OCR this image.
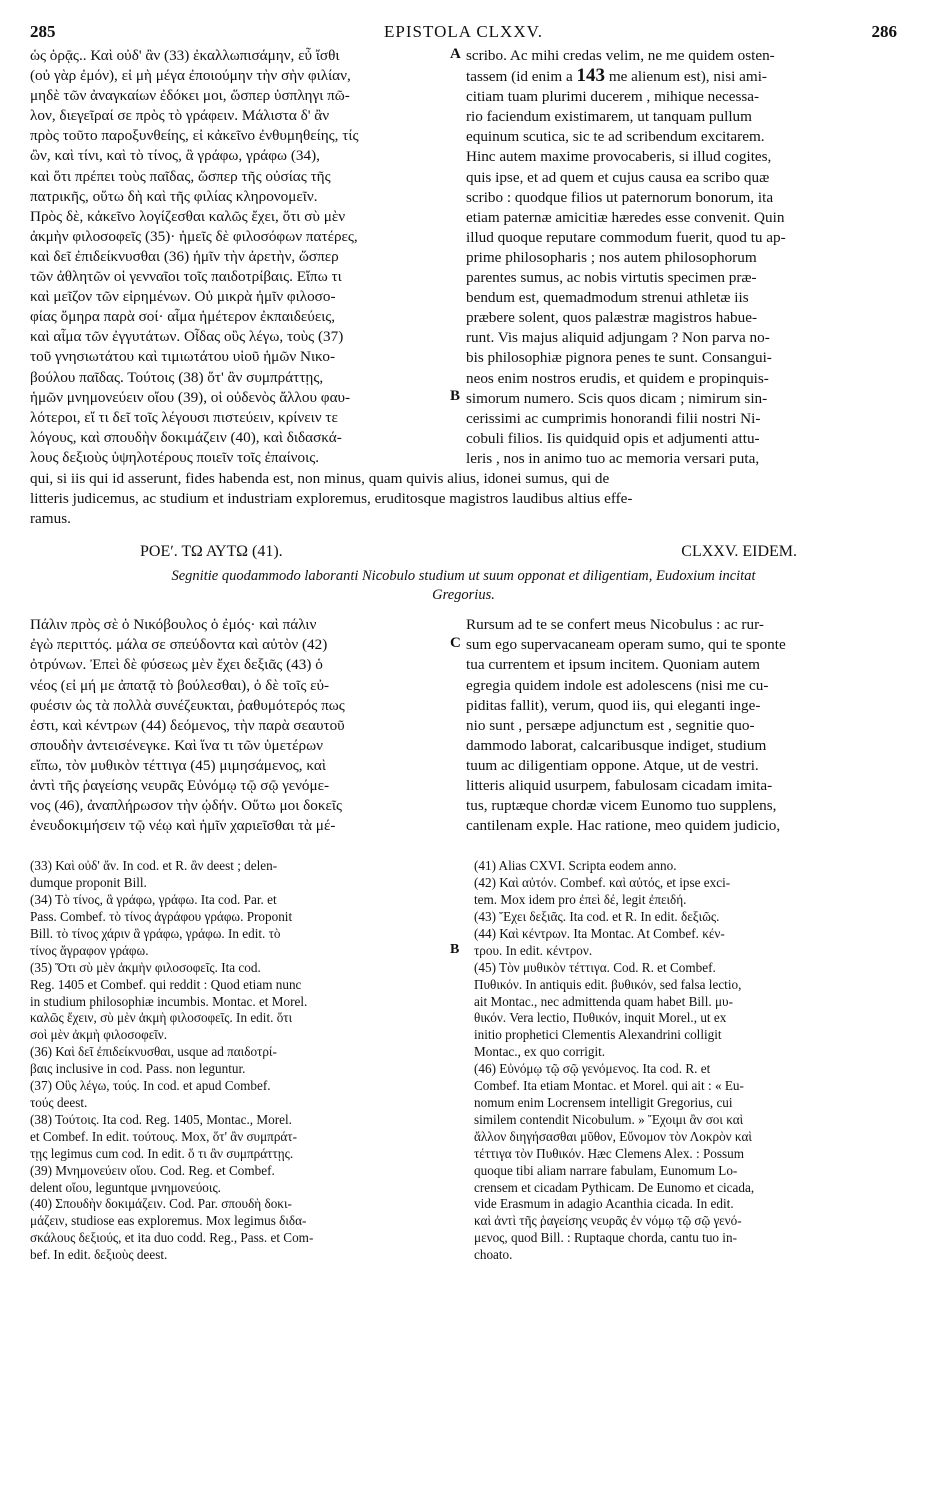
285	EPISTOLA CLXXV.	286
ὡς ὁρᾷς.. Καὶ οὐδ' ἂν (33) ἐκαλλωπισάμην, εὖ ἴσθι
(οὐ γὰρ ἐμόν), εἰ μὴ μέγα ἐποιούμην τὴν σὴν φιλίαν,
μηδὲ τῶν ἀναγκαίων ἐδόκει μοι, ὥσπερ ὑσπληγι πῶ-
λον, διεγεῖραί σε πρὸς τὸ γράφειν. Μάλιστα δ' ἂν
πρὸς τοῦτο παροξυνθείης, εἰ κἀκεῖνο ἐνθυμηθείης, τίς
ὢν, καὶ τίνι, καὶ τὸ τίνος, ἃ γράφω, γράφω (34),
καὶ ὅτι πρέπει τοὺς παῖδας, ὥσπερ τῆς οὐσίας τῆς
πατρικῆς, οὕτω δὴ καὶ τῆς φιλίας κληρονομεῖν.
Πρὸς δὲ, κἀκεῖνο λογίζεσθαι καλῶς ἔχει, ὅτι σὺ μὲν
ἀκμὴν φιλοσοφεῖς (35)· ἡμεῖς δὲ φιλοσόφων πατέρες,
καὶ δεῖ ἐπιδείκνυσθαι (36) ἡμῖν τὴν ἀρετὴν, ὥσπερ
τῶν ἀθλητῶν οἱ γενναῖοι τοῖς παιδοτρίβαις. Εἴπω τι
καὶ μεῖζον τῶν εἰρημένων. Οὐ μικρὰ ἡμῖν φιλοσο-
φίας ὅμηρα παρὰ σοί· αἷμα ἡμέτερον ἐκπαιδεύεις,
καὶ αἷμα τῶν ἐγγυτάτων. Οἶδας οὓς λέγω, τοὺς (37)
τοῦ γνησιωτάτου καὶ τιμιωτάτου υἱοῦ ἡμῶν Νικο-
βούλου παῖδας. Τούτοις (38) ὅτ' ἂν συμπράττῃς,
ἡμῶν μνημονεύειν οἴου (39), οἱ οὐδενὸς ἄλλου φαυ-
λότεροι, εἴ τι δεῖ τοῖς λέγουσι πιστεύειν, κρίνειν τε
λόγους, καὶ σπουδὴν δοκιμάζειν (40), καὶ διδασκά-
λους δεξιοὺς ὑψηλοτέρους ποιεῖν τοῖς ἐπαίνοις.
A
B
scribo. Ac mihi credas velim, ne me quidem osten-
tassem (id enim a 143 me alienum est), nisi ami-
citiam tuam plurimi ducerem , mihique necessa-
rio faciendum existimarem, ut tanquam pullum
equinum scutica, sic te ad scribendum excitarem.
Hinc autem maxime provocaberis, si illud cogites,
quis ipse, et ad quem et cujus causa ea scribo quæ
scribo : quodque filios ut paternorum bonorum, ita
etiam paternæ amicitiæ hæredes esse convenit. Quin
illud quoque reputare commodum fuerit, quod tu ap-
prime philosopharis ; nos autem philosophorum
parentes sumus, ac nobis virtutis specimen præ-
bendum est, quemadmodum strenui athletæ iis
præbere solent, quos palæstræ magistros habue-
runt. Vis majus aliquid adjungam ? Non parva no-
bis philosophiæ pignora penes te sunt. Consangui-
neos enim nostros erudis, et quidem e propinquis-
simorum numero. Scis quos dicam ; nimirum sin-
cerissimi ac cumprimis honorandi filii nostri Ni-
cobuli filios. Iis quidquid opis et adjumenti attu-
leris , nos in animo tuo ac memoria versari puta,
qui, si iis qui id asserunt, fides habenda est, non minus, quam quivis alius, idonei sumus, qui de
litteris judicemus, ac studium et industriam exploremus, eruditosque magistros laudibus altius effe-
ramus.
ΡΟΕʹ. ΤΩ ΑΥΤΩ (41).	CLXXV. EIDEM.
Segnitie quodammodo laboranti Nicobulo studium ut suum opponat et diligentiam, Eudoxium incitat
Gregorius.
Πάλιν πρὸς σὲ ὁ Νικόβουλος ὁ ἐμός· καὶ πάλιν
ἐγὼ περιττός. μάλα σε σπεύδοντα καὶ αὐτὸν (42)
ὀτρύνων. Ἐπεὶ δὲ φύσεως μὲν ἔχει δεξιᾶς (43) ὁ
νέος (εἰ μή με ἀπατᾷ τὸ βούλεσθαι), ὁ δὲ τοῖς εὐ-
φυέσιν ὡς τὰ πολλὰ συνέζευκται, ῥαθυμότερός πως
ἐστι, καὶ κέντρων (44) δεόμενος, τὴν παρὰ σεαυτοῦ
σπουδὴν ἀντεισένεγκε. Καὶ ἵνα τι τῶν ὑμετέρων
εἴπω, τὸν μυθικὸν τέττιγα (45) μιμησάμενος, καὶ
ἀντὶ τῆς ῥαγείσης νευρᾶς Εὐνόμῳ τῷ σῷ γενόμε-
νος (46), ἀναπλήρωσον τὴν ᾠδήν. Οὕτω μοι δοκεῖς
ἐνευδοκιμήσειν τῷ νέῳ καὶ ἡμῖν χαριεῖσθαι τὰ μέ-
C
Rursum ad te se confert meus Nicobulus : ac rur-
sum ego supervacaneam operam sumo, qui te sponte
tua currentem et ipsum incitem. Quoniam autem
egregia quidem indole est adolescens (nisi me cu-
piditas fallit), verum, quod iis, qui eleganti inge-
nio sunt , persæpe adjunctum est , segnitie quo-
dammodo laborat, calcaribusque indiget, studium
tuum ac diligentiam oppone. Atque, ut de vestri.
litteris aliquid usurpem, fabulosam cicadam imita-
tus, ruptæque chordæ vicem Eunomo tuo supplens,
cantilenam exple. Hac ratione, meo quidem judicio,
(33) Καὶ οὐδ' ἄν. In cod. et R. ἂν deest ; delen-
dumque proponit Bill.
(34) Τὸ τίνος, ἃ γράφω, γράφω. Ita cod. Par. et
Pass. Combef. τὸ τίνος ἀγράφου γράφω. Proponit
Bill. τὸ τίνος χάριν ἃ γράφω, γράφω. In edit. τὸ
τίνος ἄγραφον γράφω.
(35) Ὅτι σὺ μὲν ἀκμὴν φιλοσοφεῖς. Ita cod.
Reg. 1405 et Combef. qui reddit : Quod etiam nunc
in studium philosophiæ incumbis. Montac. et Morel.
καλῶς ἔχειν, σὺ μὲν ἀκμὴ φιλοσοφεῖς. In edit. ὅτι
σοὶ μὲν ἀκμὴ φιλοσοφεῖν.
(36) Καὶ δεῖ ἐπιδείκνυσθαι, usque ad παιδοτρί-
βαις inclusive in cod. Pass. non leguntur.
(37) Οὓς λέγω, τούς. In cod. et apud Combef.
τούς deest.
(38) Τούτοις. Ita cod. Reg. 1405, Montac., Morel.
et Combef. In edit. τούτους. Mox, ὅτ' ἂν συμπράτ-
τῃς legimus cum cod. In edit. ὅ τι ἂν συμπράττῃς.
(39) Μνημονεύειν οἴου. Cod. Reg. et Combef.
delent οἴου, leguntque μνημονεύοις.
(40) Σπουδὴν δοκιμάζειν. Cod. Par. σπουδὴ δοκι-
μάζειν, studiose eas exploremus. Mox legimus διδα-
σκάλους δεξιούς, et ita duo codd. Reg., Pass. et Com-
bef. In edit. δεξιοὺς deest.
B
(41) Alias CXVI. Scripta eodem anno.
(42) Καὶ αὐτόν. Combef. καὶ αὐτός, et ipse exci-
tem. Mox idem pro ἐπεὶ δέ, legit ἐπειδή.
(43) Ἔχει δεξιᾶς. Ita cod. et R. In edit. δεξιῶς.
(44) Καὶ κέντρων. Ita Montac. At Combef. κέν-
τρου. In edit. κέντρον.
(45) Τὸν μυθικὸν τέττιγα. Cod. R. et Combef.
Πυθικόν. In antiquis edit. βυθικόν, sed falsa lectio,
ait Montac., nec admittenda quam habet Bill. μυ-
θικόν. Vera lectio, Πυθικόν, inquit Morel., ut ex
initio prophetici Clementis Alexandrini colligit
Montac., ex quo corrigit.
(46) Εὐνόμῳ τῷ σῷ γενόμενος. Ita cod. R. et
Combef. Ita etiam Montac. et Morel. qui ait : « Eu-
nomum enim Locrensem intelligit Gregorius, cui
similem contendit Nicobulum. » Ἔχοιμι ἂν σοι καὶ
ἄλλον διηγήσασθαι μῦθον, Εὔνομον τὸν Λοκρὸν καὶ
τέττιγα τὸν Πυθικόν. Hæc Clemens Alex. : Possum
quoque tibi aliam narrare fabulam, Eunomum Lo-
crensem et cicadam Pythicam. De Eunomo et cicada,
vide Erasmum in adagio Acanthia cicada. In edit.
καὶ ἀντὶ τῆς ῥαγείσης νευρᾶς ἐν νόμῳ τῷ σῷ γενό-
μενος, quod Bill. : Ruptaque chorda, cantu tuo in-
choato.
